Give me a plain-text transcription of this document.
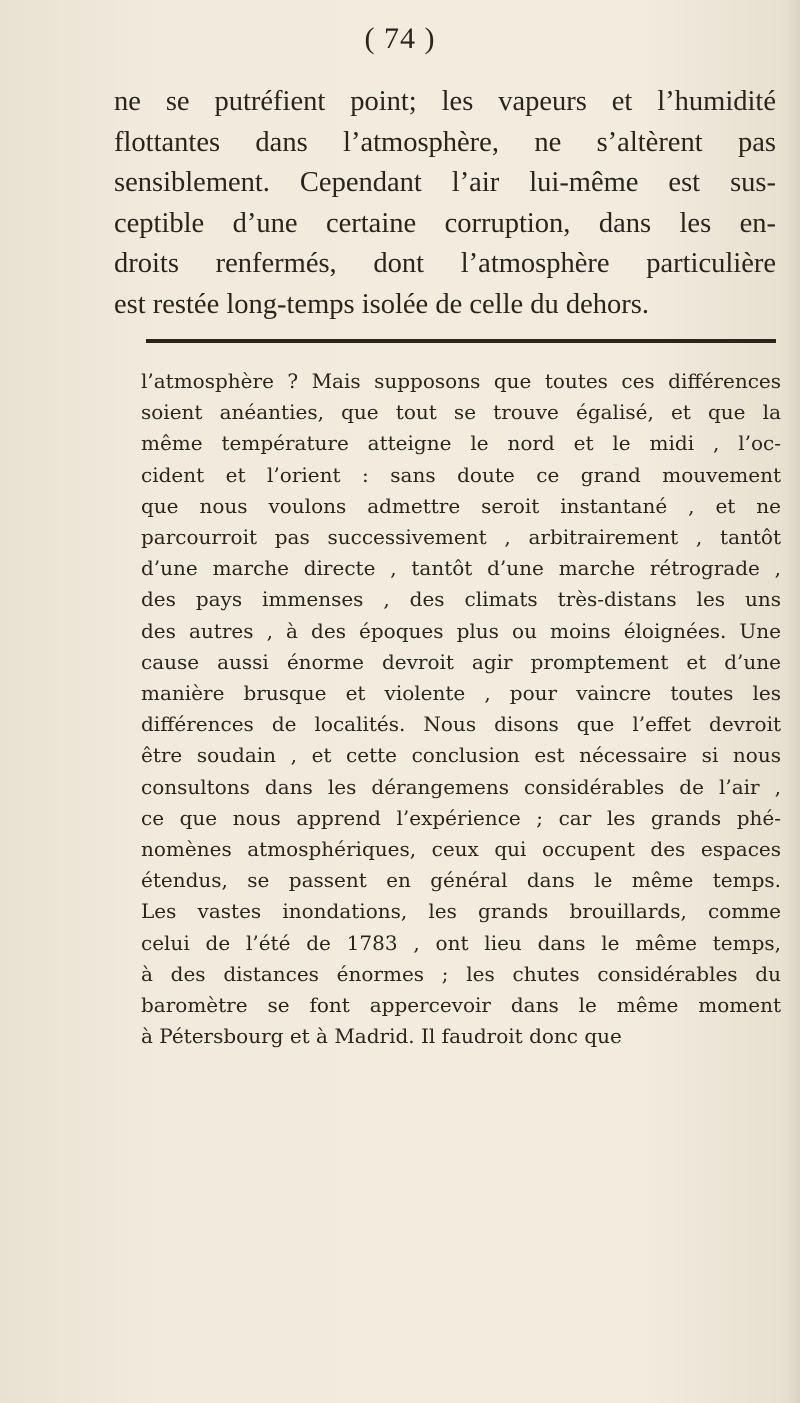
( 74 )
ne se putréfient point; les vapeurs et l’humidité
flottantes dans l’atmosphère, ne s’altèrent pas
sensiblement. Cependant l’air lui-même est sus-
ceptible d’une certaine corruption, dans les en-
droits renfermés, dont l’atmosphère particulière
est restée long-temps isolée de celle du dehors.
l’atmosphère ? Mais supposons que toutes ces différences
soient anéanties, que tout se trouve égalisé, et que la
même température atteigne le nord et le midi , l’oc-
cident et l’orient : sans doute ce grand mouvement
que nous voulons admettre seroit instantané , et ne
parcourroit pas successivement , arbitrairement , tantôt
d’une marche directe , tantôt d’une marche rétrograde ,
des pays immenses , des climats très-distans les uns
des autres , à des époques plus ou moins éloignées. Une
cause aussi énorme devroit agir promptement et d’une
manière brusque et violente , pour vaincre toutes les
différences de localités. Nous disons que l’effet devroit
être soudain , et cette conclusion est nécessaire si nous
consultons dans les dérangemens considérables de l’air ,
ce que nous apprend l’expérience ; car les grands phé-
nomènes atmosphériques, ceux qui occupent des espaces
étendus, se passent en général dans le même temps.
Les vastes inondations, les grands brouillards, comme
celui de l’été de 1783 , ont lieu dans le même temps,
à des distances énormes ; les chutes considérables du
baromètre se font appercevoir dans le même moment
à Pétersbourg et à Madrid. Il faudroit donc que
